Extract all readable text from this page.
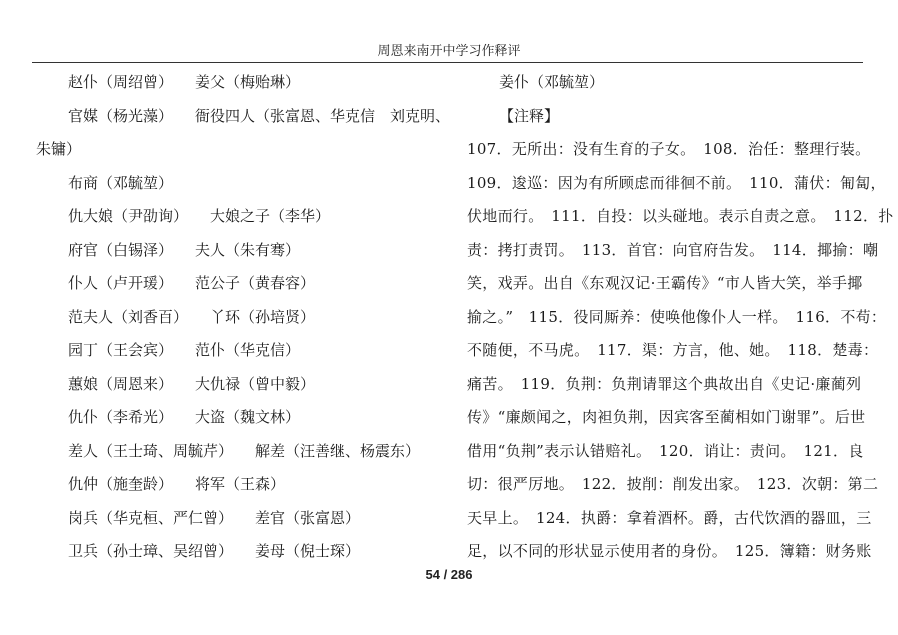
周恩来南开中学习作释评
赵仆（周绍曾） 姜父（梅贻琳）
官媒（杨光藻） 衙役四人（张富恩、华克信　刘克明、
朱镛）
布商（邓毓堃）
仇大娘（尹劭询） 大娘之子（李华）
府官（白锡泽） 夫人（朱有骞）
仆人（卢开瑗） 范公子（黄春容）
范夫人（刘香百） 丫环（孙培贤）
园丁（王会宾） 范仆（华克信）
蕙娘（周恩来） 大仇禄（曾中毅）
仇仆（李希光） 大盗（魏文林）
差人（王士琦、周毓芹） 解差（汪善继、杨震东）
仇仲（施奎龄） 将军（王森）
岗兵（华克桓、严仁曾） 差官（张富恩）
卫兵（孙士璋、吴绍曾） 姜母（倪士琛）
姜仆（邓毓堃）
【注释】
107．无所出：没有生育的子女。　108．治任：整理行装。
109．逡巡：因为有所顾虑而徘徊不前。　110．蒲伏：匍匐，
伏地而行。　111．自投：以头碰地。表示自责之意。　112．扑
责：拷打责罚。　113．首官：向官府告发。　114．揶揄：嘲
笑，戏弄。出自《东观汉记·王霸传》“市人皆大笑，举手揶
揄之。”　115．役同厮养：使唤他像仆人一样。　116．不苟：
不随便，不马虎。　117．渠：方言，他、她。　118．楚毒：
痛苦。　119．负荆：负荆请罪这个典故出自《史记·廉蔺列
传》“廉颇闻之，肉袒负荆，因宾客至蔺相如门谢罪”。后世
借用“负荆”表示认错赔礼。　120．诮让：责问。　121．良
切：很严厉地。　122．披削：削发出家。　123．次朝：第二
天早上。　124．执爵：拿着酒杯。爵，古代饮酒的器皿，三
足，以不同的形状显示使用者的身份。　125．簿籍：财务账
54 / 286
